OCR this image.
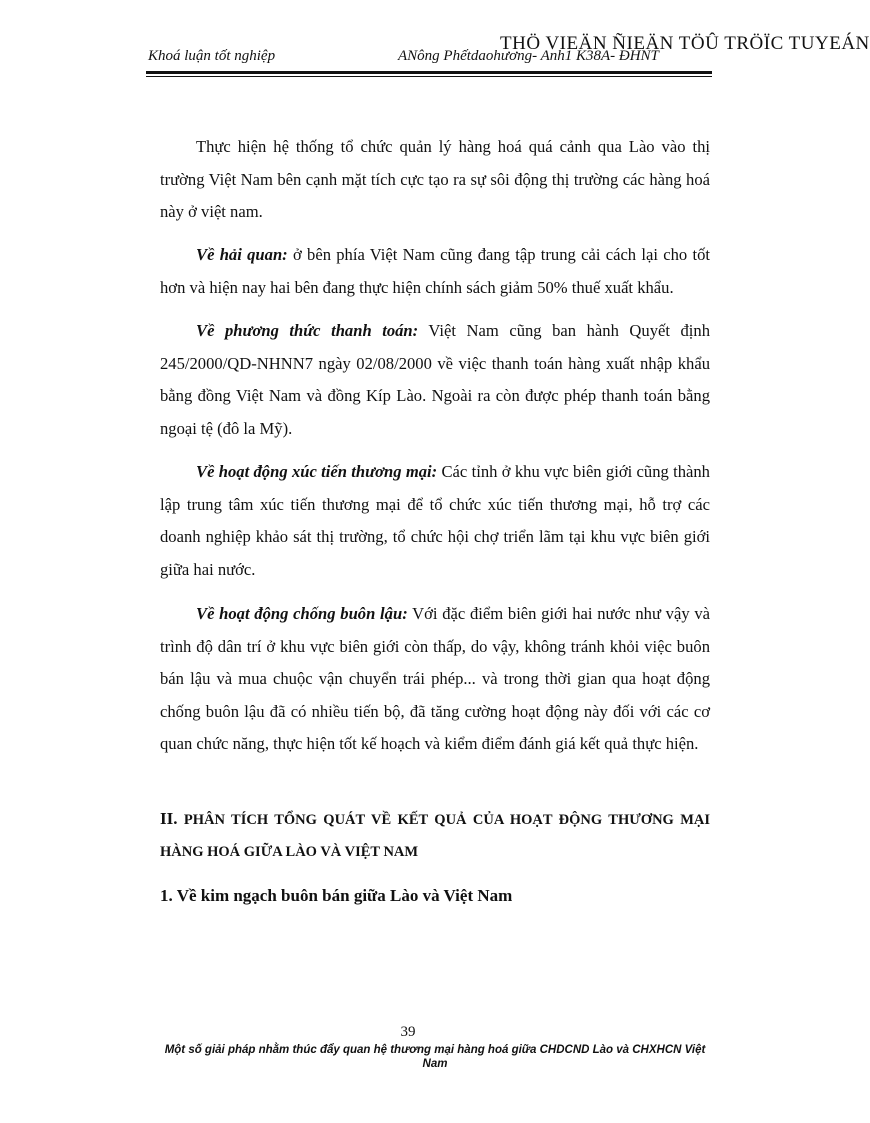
THÖ VIEÄN ÑIEÄN TÖÛ TRÖÏC TUYEÁN
Khoá luận tốt nghiệp	ANông Phếtdaohương- Anh1 K38A- ĐHNT
Thực hiện hệ thống tổ chức quản lý hàng hoá quá cảnh qua Lào vào thị trường Việt Nam bên cạnh mặt tích cực tạo ra sự sôi động thị trường các hàng hoá này ở việt nam.
Về hải quan: ở bên phía Việt Nam cũng đang tập trung cải cách lại cho tốt hơn và hiện nay hai bên đang thực hiện chính sách giảm 50% thuế xuất khẩu.
Về phương thức thanh toán: Việt Nam cũng ban hành Quyết định 245/2000/QD-NHNN7 ngày 02/08/2000 về việc thanh toán hàng xuất nhập khẩu bằng đồng Việt Nam và đồng Kíp Lào. Ngoài ra còn được phép thanh toán bằng ngoại tệ (đô la Mỹ).
Về hoạt động xúc tiến thương mại: Các tỉnh ở khu vực biên giới cũng thành lập trung tâm xúc tiến thương mại để tổ chức xúc tiến thương mại, hỗ trợ các doanh nghiệp khảo sát thị trường, tổ chức hội chợ triển lãm tại khu vực biên giới giữa hai nước.
Về hoạt động chống buôn lậu: Với đặc điểm biên giới hai nước như vậy và trình độ dân trí ở khu vực biên giới còn thấp, do vậy, không tránh khỏi việc buôn bán lậu và mua chuộc vận chuyển trái phép... và trong thời gian qua hoạt động chống buôn lậu đã có nhiều tiến bộ, đã tăng cường hoạt động này đối với các cơ quan chức năng, thực hiện tốt kế hoạch và kiểm điểm đánh giá kết quả thực hiện.
II. PHÂN TÍCH TỔNG QUÁT VỀ KẾT QUẢ CỦA HOẠT ĐỘNG THƯƠNG MẠI HÀNG HOÁ GIỮA LÀO VÀ VIỆT NAM
1. Về kim ngạch buôn bán giữa Lào và Việt Nam
39
Một số giải pháp nhằm thúc đẩy quan hệ thương mại hàng hoá giữa CHDCND Lào và CHXHCN Việt Nam
